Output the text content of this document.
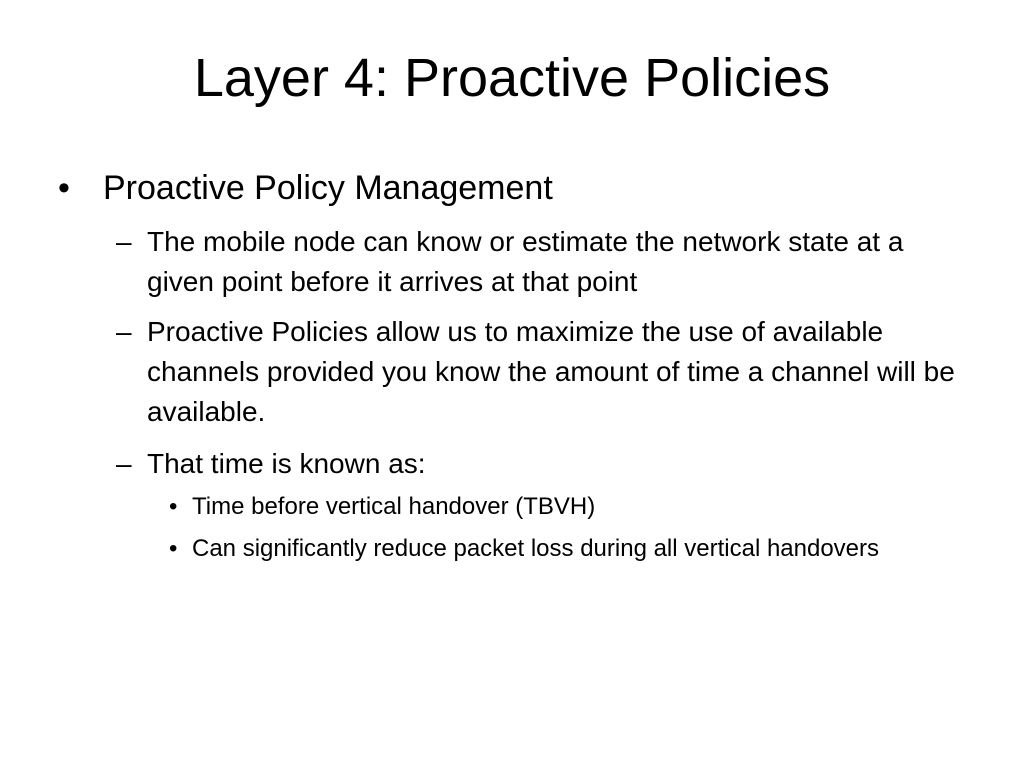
Layer 4: Proactive Policies
• Proactive Policy Management
– The mobile node can know or estimate the network state at a given point before it arrives at that point
– Proactive Policies allow us to maximize the use of available channels provided you know the amount of time a channel will be available.
– That time is known as:
• Time before vertical handover (TBVH)
• Can significantly reduce packet loss during all vertical handovers
